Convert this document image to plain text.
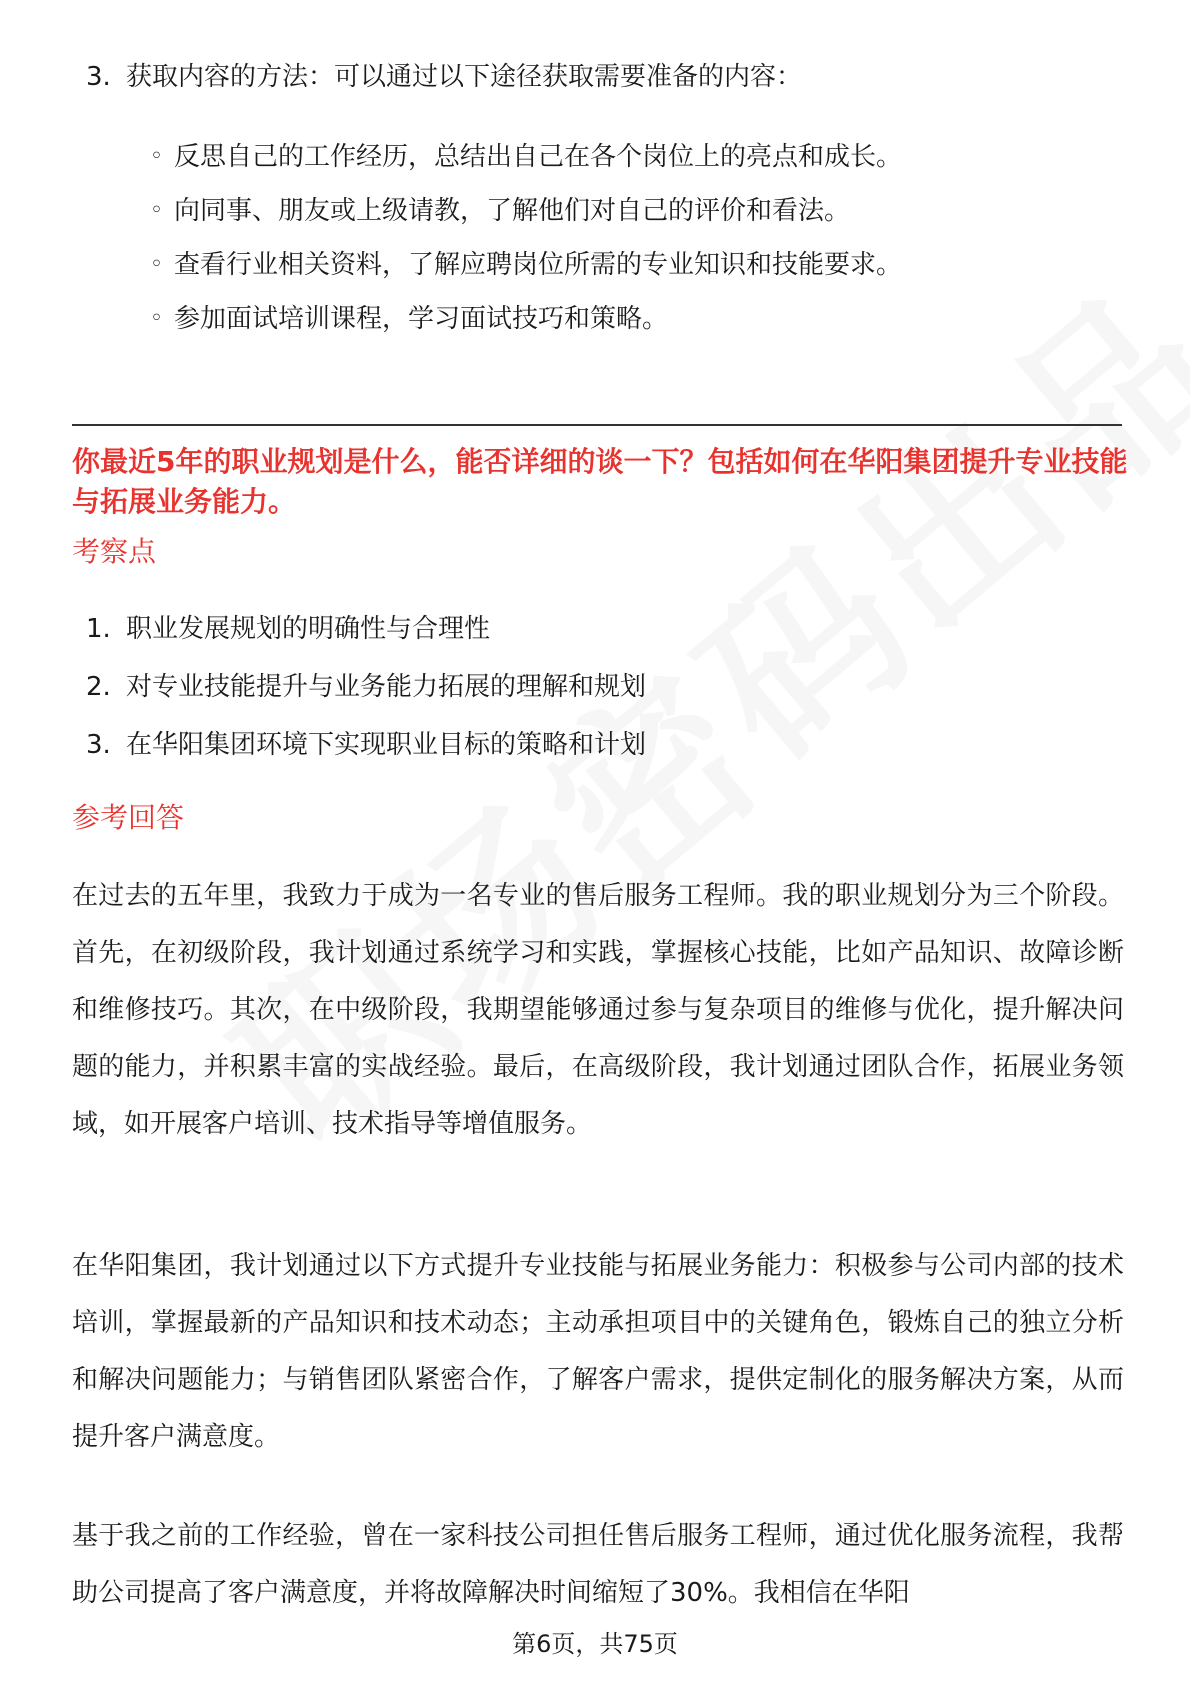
3. 获取内容的方法：可以通过以下途径获取需要准备的内容：
◦ 反思自己的工作经历，总结出自己在各个岗位上的亮点和成长。
◦ 向同事、朋友或上级请教，了解他们对自己的评价和看法。
◦ 查看行业相关资料，了解应聘岗位所需的专业知识和技能要求。
◦ 参加面试培训课程，学习面试技巧和策略。
你最近5年的职业规划是什么，能否详细的谈一下？包括如何在华阳集团提升专业技能与拓展业务能力。
考察点
1. 职业发展规划的明确性与合理性
2. 对专业技能提升与业务能力拓展的理解和规划
3. 在华阳集团环境下实现职业目标的策略和计划
参考回答
在过去的五年里，我致力于成为一名专业的售后服务工程师。我的职业规划分为三个阶段。首先，在初级阶段，我计划通过系统学习和实践，掌握核心技能，比如产品知识、故障诊断和维修技巧。其次，在中级阶段，我期望能够通过参与复杂项目的维修与优化，提升解决问题的能力，并积累丰富的实战经验。最后，在高级阶段，我计划通过团队合作，拓展业务领域，如开展客户培训、技术指导等增值服务。
在华阳集团，我计划通过以下方式提升专业技能与拓展业务能力：积极参与公司内部的技术培训，掌握最新的产品知识和技术动态；主动承担项目中的关键角色，锻炼自己的独立分析和解决问题能力；与销售团队紧密合作，了解客户需求，提供定制化的服务解决方案，从而提升客户满意度。
基于我之前的工作经验，曾在一家科技公司担任售后服务工程师，通过优化服务流程，我帮助公司提高了客户满意度，并将故障解决时间缩短了30%。我相信在华阳
第6页，共75页
